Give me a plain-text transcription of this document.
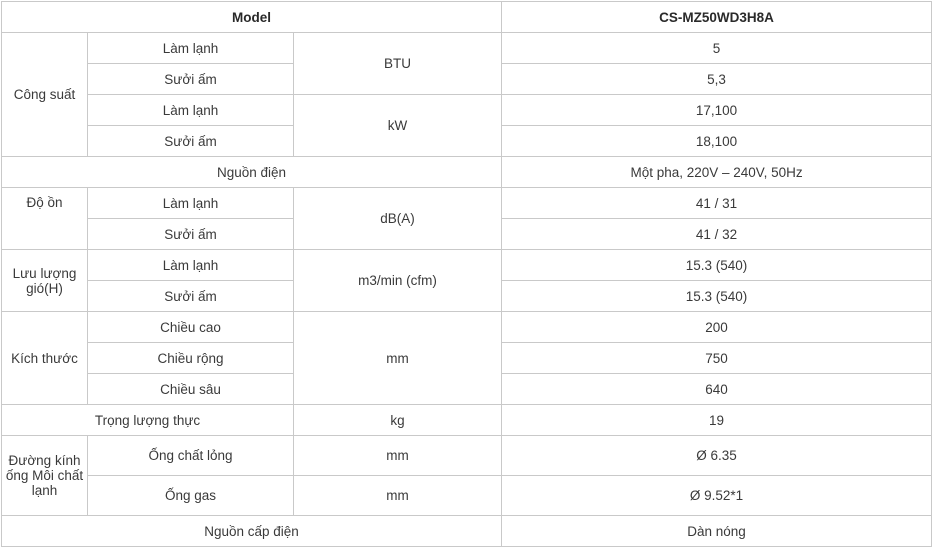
Model			CS-MZ50WD3H8A
Công suất	Làm lạnh	BTU	5
	Sưởi ấm		5,3
	Làm lạnh	kW	17,100
	Sưởi ấm		18,100
Nguồn điện			Một pha, 220V – 240V, 50Hz
Độ ồn	Làm lạnh	dB(A)	41 / 31
	Sưởi ấm		41 / 32
Lưu lượng gió(H)	Làm lạnh	m3/min (cfm)	15.3 (540)
	Sưởi ấm		15.3 (540)
Kích thước	Chiều cao	mm	200
	Chiều rộng		750
	Chiều sâu		640
Trọng lượng thực		kg	19
Đường kính ống Môi chất lạnh	Ống chất lỏng	mm	Ø 6.35
	Ống gas	mm	Ø 9.52*1
Nguồn cấp điện			Dàn nóng
